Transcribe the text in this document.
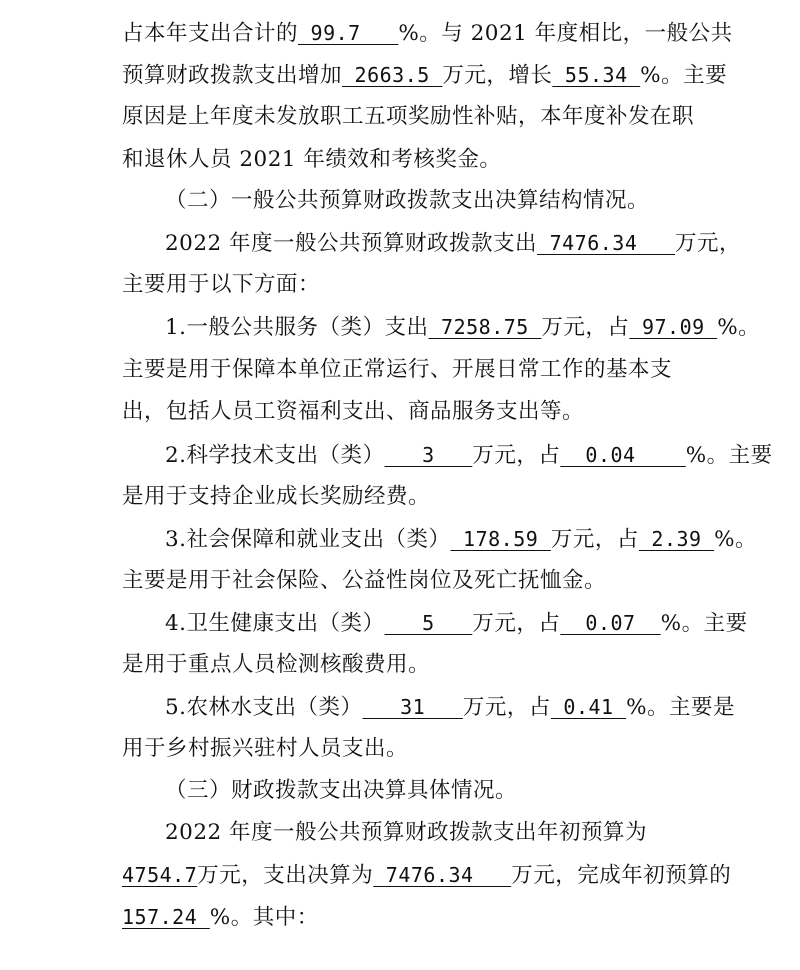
占本年支出合计的 99.7   %。与 2021 年度相比，一般公共
预算财政拨款支出增加 2663.5 万元，增长 55.34 %。主要
原因是上年度未发放职工五项奖励性补贴，本年度补发在职
和退休人员 2021 年绩效和考核奖金。
（二）一般公共预算财政拨款支出决算结构情况。
2022 年度一般公共预算财政拨款支出 7476.34   万元，
主要用于以下方面：
1.一般公共服务（类）支出 7258.75 万元，占 97.09 %。
主要是用于保障本单位正常运行、开展日常工作的基本支
出，包括人员工资福利支出、商品服务支出等。
2.科学技术支出（类）   3   万元，占  0.04    %。主要
是用于支持企业成长奖励经费。
3.社会保障和就业支出（类） 178.59 万元，占 2.39 %。
主要是用于社会保险、公益性岗位及死亡抚恤金。
4.卫生健康支出（类）   5   万元，占  0.07  %。主要
是用于重点人员检测核酸费用。
5.农林水支出（类）   31   万元，占 0.41 %。主要是
用于乡村振兴驻村人员支出。
（三）财政拨款支出决算具体情况。
2022 年度一般公共预算财政拨款支出年初预算为
4754.7万元，支出决算为 7476.34   万元，完成年初预算的
157.24 %。其中：
